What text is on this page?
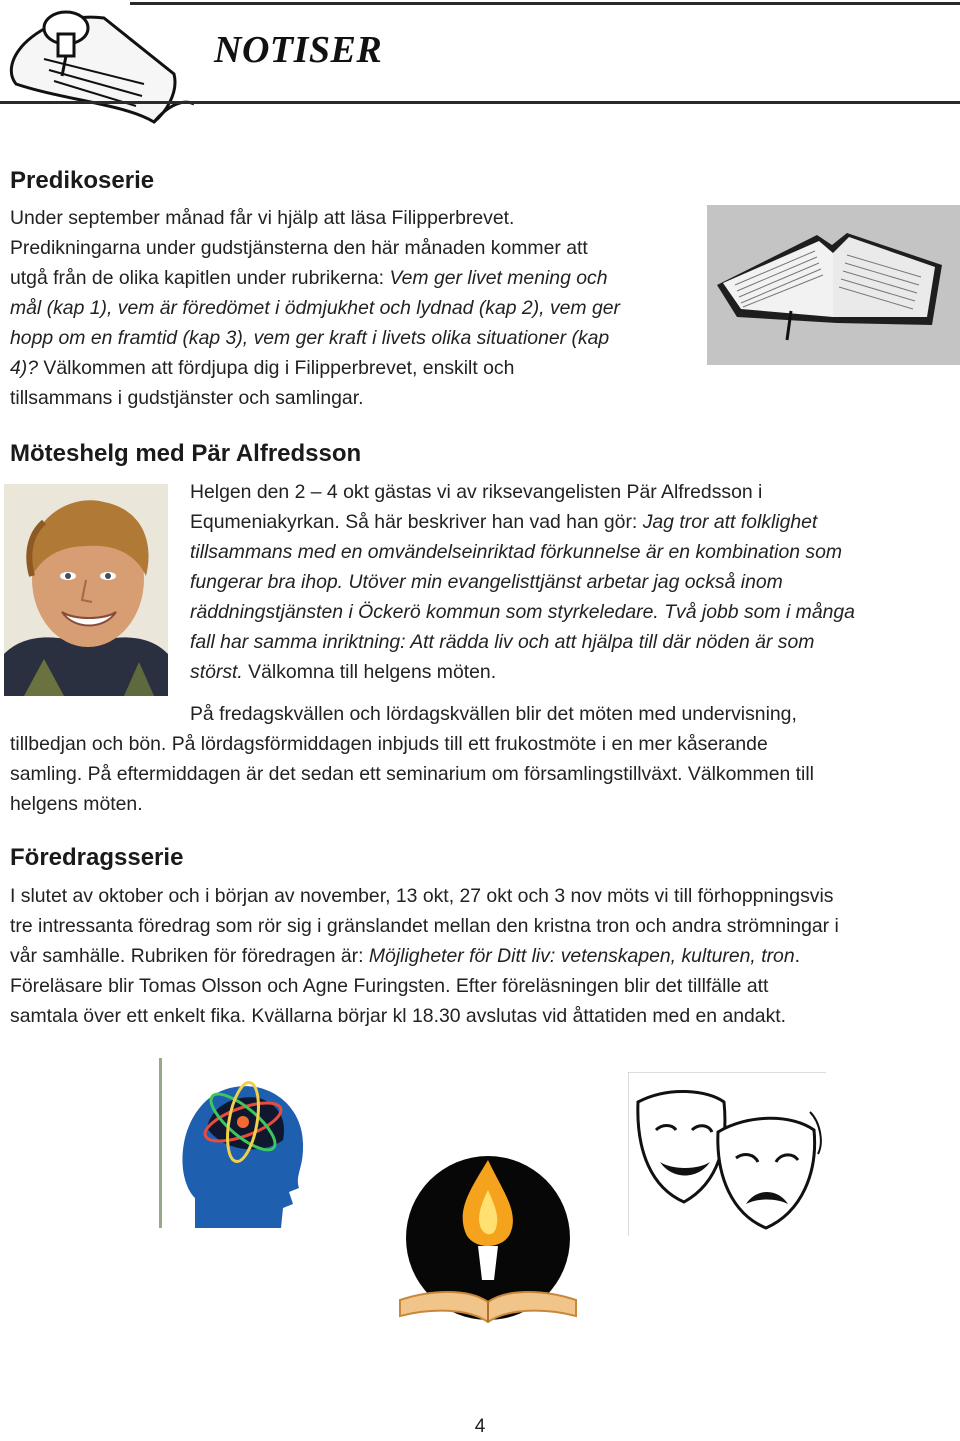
NOTISER
Predikoserie

Under september månad får vi hjälp att läsa Filipperbrevet.

Predikningarna under gudstjänsterna den här månaden kommer att

utgå från de olika kapitlen under rubrikerna: Vem ger livet mening och

mål (kap 1), vem är föredömet i ödmjukhet och lydnad (kap 2), vem ger

hopp om en framtid (kap 3), vem ger kraft i livets olika situationer (kap

4)? Välkommen att fördjupa dig i Filipperbrevet, enskilt och

tillsammans i gudstjänster och samlingar.

Möteshelg med Pär Alfredsson

Helgen den 2 – 4 okt gästas vi av riksevangelisten Pär Alfredsson i

Equmeniakyrkan. Så här beskriver han vad han gör: Jag tror att folklighet

tillsammans med en omvändelseinriktad förkunnelse är en kombination som

fungerar bra ihop. Utöver min evangelisttjänst arbetar jag också inom

räddningstjänsten i Öckerö kommun som styrkeledare. Två jobb som i många

fall har samma inriktning: Att rädda liv och att hjälpa till där nöden är som

störst. Välkomna till helgens möten.

På fredagskvällen och lördagskvällen blir det möten med undervisning,

tillbedjan och bön. På lördagsförmiddagen inbjuds till ett frukostmöte i en mer kåserande

samling. På eftermiddagen är det sedan ett seminarium om församlingstillväxt. Välkommen till

helgens möten.

Föredragsserie

I slutet av oktober och i början av november, 13 okt, 27 okt och 3 nov möts vi till förhoppningsvis

tre intressanta föredrag som rör sig i gränslandet mellan den kristna tron och andra strömningar i

vår samhälle. Rubriken för föredragen är: Möjligheter för Ditt liv: vetenskapen, kulturen, tron.

Föreläsare blir Tomas Olsson och Agne Furingsten. Efter föreläsningen blir det tillfälle att

samtala över ett enkelt fika. Kvällarna börjar kl 18.30 avslutas vid åttatiden med en andakt.

4
